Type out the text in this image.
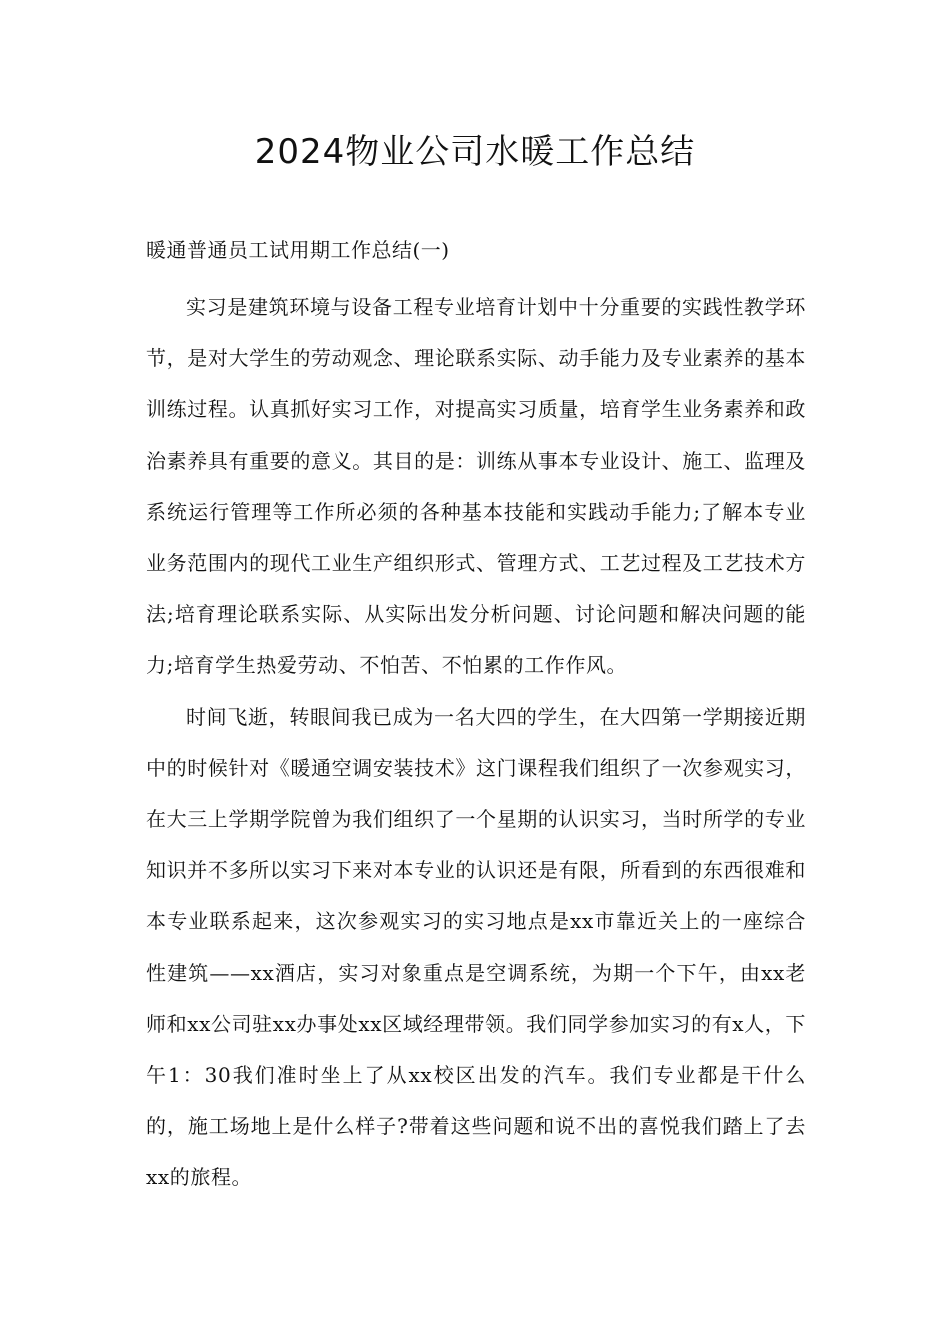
2024物业公司水暖工作总结
暖通普通员工试用期工作总结(一)

实习是建筑环境与设备工程专业培育计划中十分重要的实践性教学环节，是对大学生的劳动观念、理论联系实际、动手能力及专业素养的基本训练过程。认真抓好实习工作，对提高实习质量，培育学生业务素养和政治素养具有重要的意义。其目的是：训练从事本专业设计、施工、监理及系统运行管理等工作所必须的各种基本技能和实践动手能力;了解本专业业务范围内的现代工业生产组织形式、管理方式、工艺过程及工艺技术方法;培育理论联系实际、从实际出发分析问题、讨论问题和解决问题的能力;培育学生热爱劳动、不怕苦、不怕累的工作作风。

时间飞逝，转眼间我已成为一名大四的学生，在大四第一学期接近期中的时候针对《暖通空调安装技术》这门课程我们组织了一次参观实习，在大三上学期学院曾为我们组织了一个星期的认识实习，当时所学的专业知识并不多所以实习下来对本专业的认识还是有限，所看到的东西很难和本专业联系起来，这次参观实习的实习地点是xx市靠近关上的一座综合性建筑——xx酒店，实习对象重点是空调系统，为期一个下午，由xx老师和xx公司驻xx办事处xx区域经理带领。我们同学参加实习的有x人，下午1：30我们准时坐上了从xx校区出发的汽车。我们专业都是干什么的，施工场地上是什么样子?带着这些问题和说不出的喜悦我们踏上了去xx的旅程。
